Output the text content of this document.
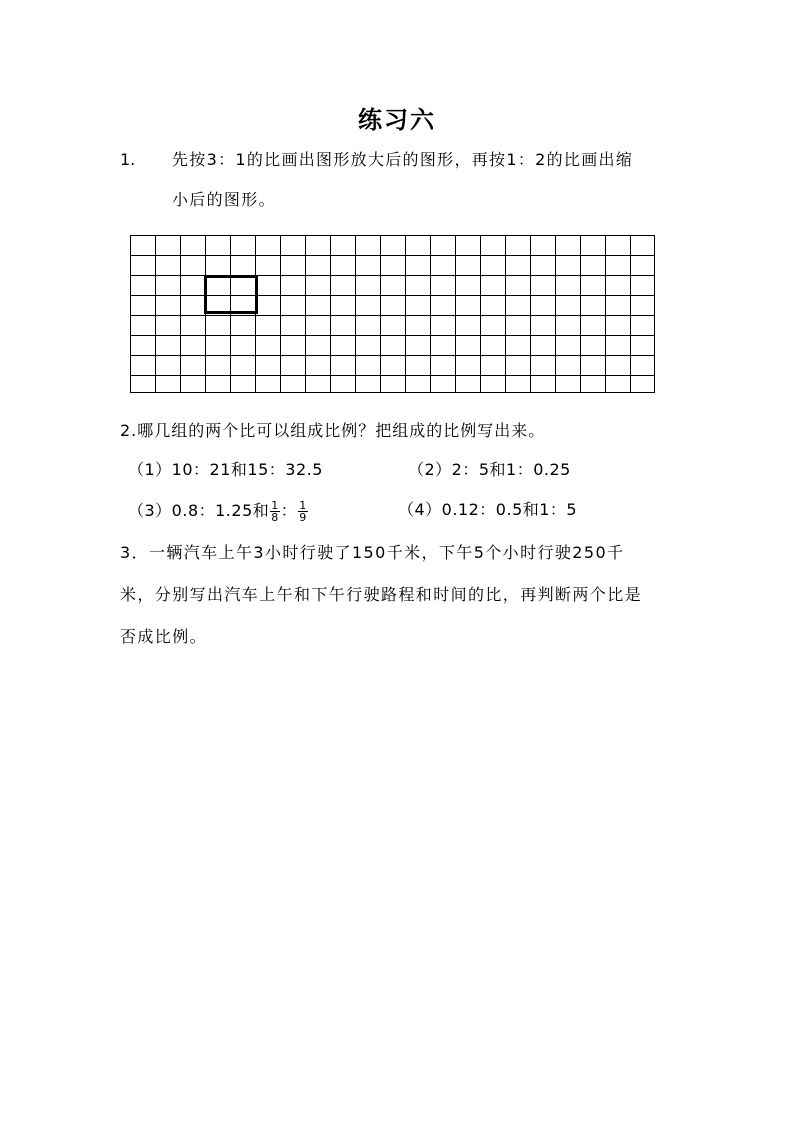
练习六
1. 先按3：1的比画出图形放大后的图形，再按1：2的比画出缩
小后的图形。
2.哪几组的两个比可以组成比例？把组成的比例写出来。
（1）10：21和15：32.5	（2）2：5和1：0.25
（3）0.8：1.25和 $\frac{1}{8}$ ： $\frac{1}{9}$	（4）0.12：0.5和1：5
3．一辆汽车上午3小时行驶了150千米，下午5个小时行驶250千
米，分别写出汽车上午和下午行驶路程和时间的比，再判断两个比是
否成比例。
